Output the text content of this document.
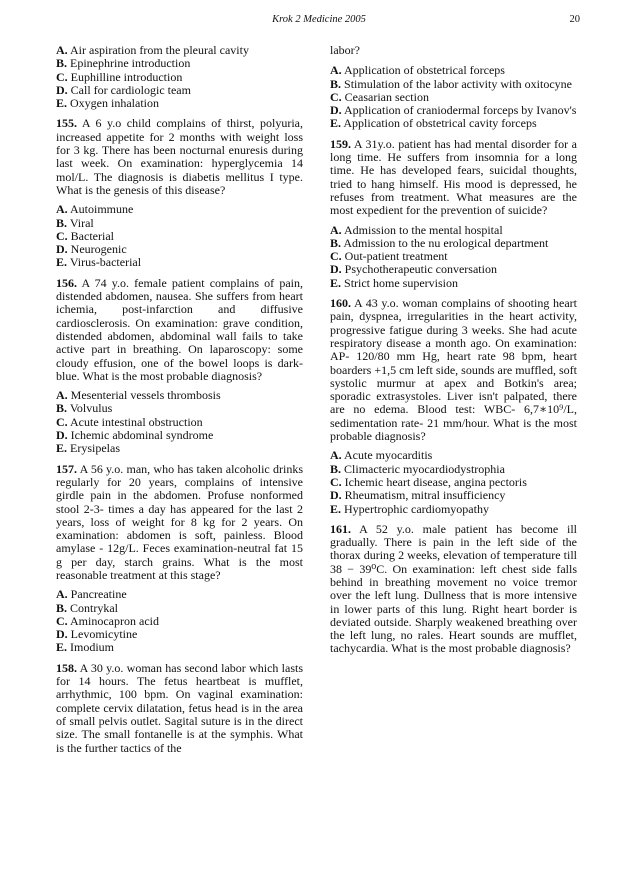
Krok 2 Medicine 2005	20
A. Air aspiration from the pleural cavity
B. Epinephrine introduction
C. Euphilline introduction
D. Call for cardiologic team
E. Oxygen inhalation
155. A 6 y.o child complains of thirst, polyuria, increased appetite for 2 months with weight loss for 3 kg. There has been nocturnal enuresis during last week. On examination: hyperglycemia 14 mol/L. The diagnosis is diabetis mellitus I type. What is the genesis of this disease?
A. Autoimmune
B. Viral
C. Bacterial
D. Neurogenic
E. Virus-bacterial
156. A 74 y.o. female patient complains of pain, distended abdomen, nausea. She suffers from heart ichemia, post-infarction and diffusive cardiosclerosis. On examination: grave condition, distended abdomen, abdominal wall fails to take active part in breathing. On laparoscopy: some cloudy effusion, one of the bowel loops is dark-blue. What is the most probable diagnosis?
A. Mesenterial vessels thrombosis
B. Volvulus
C. Acute intestinal obstruction
D. Ichemic abdominal syndrome
E. Erysipelas
157. A 56 y.o. man, who has taken alcoholic drinks regularly for 20 years, complains of intensive girdle pain in the abdomen. Profuse nonformed stool 2-3- times a day has appeared for the last 2 years, loss of weight for 8 kg for 2 years. On examination: abdomen is soft, painless. Blood amylase - 12g/L. Feces examination-neutral fat 15 g per day, starch grains. What is the most reasonable treatment at this stage?
A. Pancreatine
B. Contrykal
C. Aminocapron acid
D. Levomicytine
E. Imodium
158. A 30 y.o. woman has second labor which lasts for 14 hours. The fetus heartbeat is mufflet, arrhythmic, 100 bpm. On vaginal examination: complete cervix dilatation, fetus head is in the area of small pelvis outlet. Sagital suture is in the direct size. The small fontanelle is at the symphis. What is the further tactics of the
labor?
A. Application of obstetrical forceps
B. Stimulation of the labor activity with oxitocyne
C. Ceasarian section
D. Application of craniodermal forceps by Ivanov's
E. Application of obstetrical cavity forceps
159. A 31y.o. patient has had mental disorder for a long time. He suffers from insomnia for a long time. He has developed fears, suicidal thoughts, tried to hang himself. His mood is depressed, he refuses from treatment. What measures are the most expedient for the prevention of suicide?
A. Admission to the mental hospital
B. Admission to the nu erological department
C. Out-patient treatment
D. Psychotherapeutic conversation
E. Strict home supervision
160. A 43 y.o. woman complains of shooting heart pain, dyspnea, irregularities in the heart activity, progressive fatigue during 3 weeks. She had acute respiratory disease a month ago. On examination: AP- 120/80 mm Hg, heart rate 98 bpm, heart boarders +1,5 cm left side, sounds are muffled, soft systolic murmur at apex and Botkin's area; sporadic extrasystoles. Liver isn't palpated, there are no edema. Blood test: WBC- 6,7∗10⁹/L, sedimentation rate- 21 mm/hour. What is the most probable diagnosis?
A. Acute myocarditis
B. Climacteric myocardiodystrophia
C. Ichemic heart disease, angina pectoris
D. Rheumatism, mitral insufficiency
E. Hypertrophic cardiomyopathy
161. A 52 y.o. male patient has become ill gradually. There is pain in the left side of the thorax during 2 weeks, elevation of temperature till 38 − 39⁰C. On examination: left chest side falls behind in breathing movement no voice tremor over the left lung. Dullness that is more intensive in lower parts of this lung. Right heart border is deviated outside. Sharply weakened breathing over the left lung, no rales. Heart sounds are mufflet, tachycardia. What is the most probable diagnosis?
